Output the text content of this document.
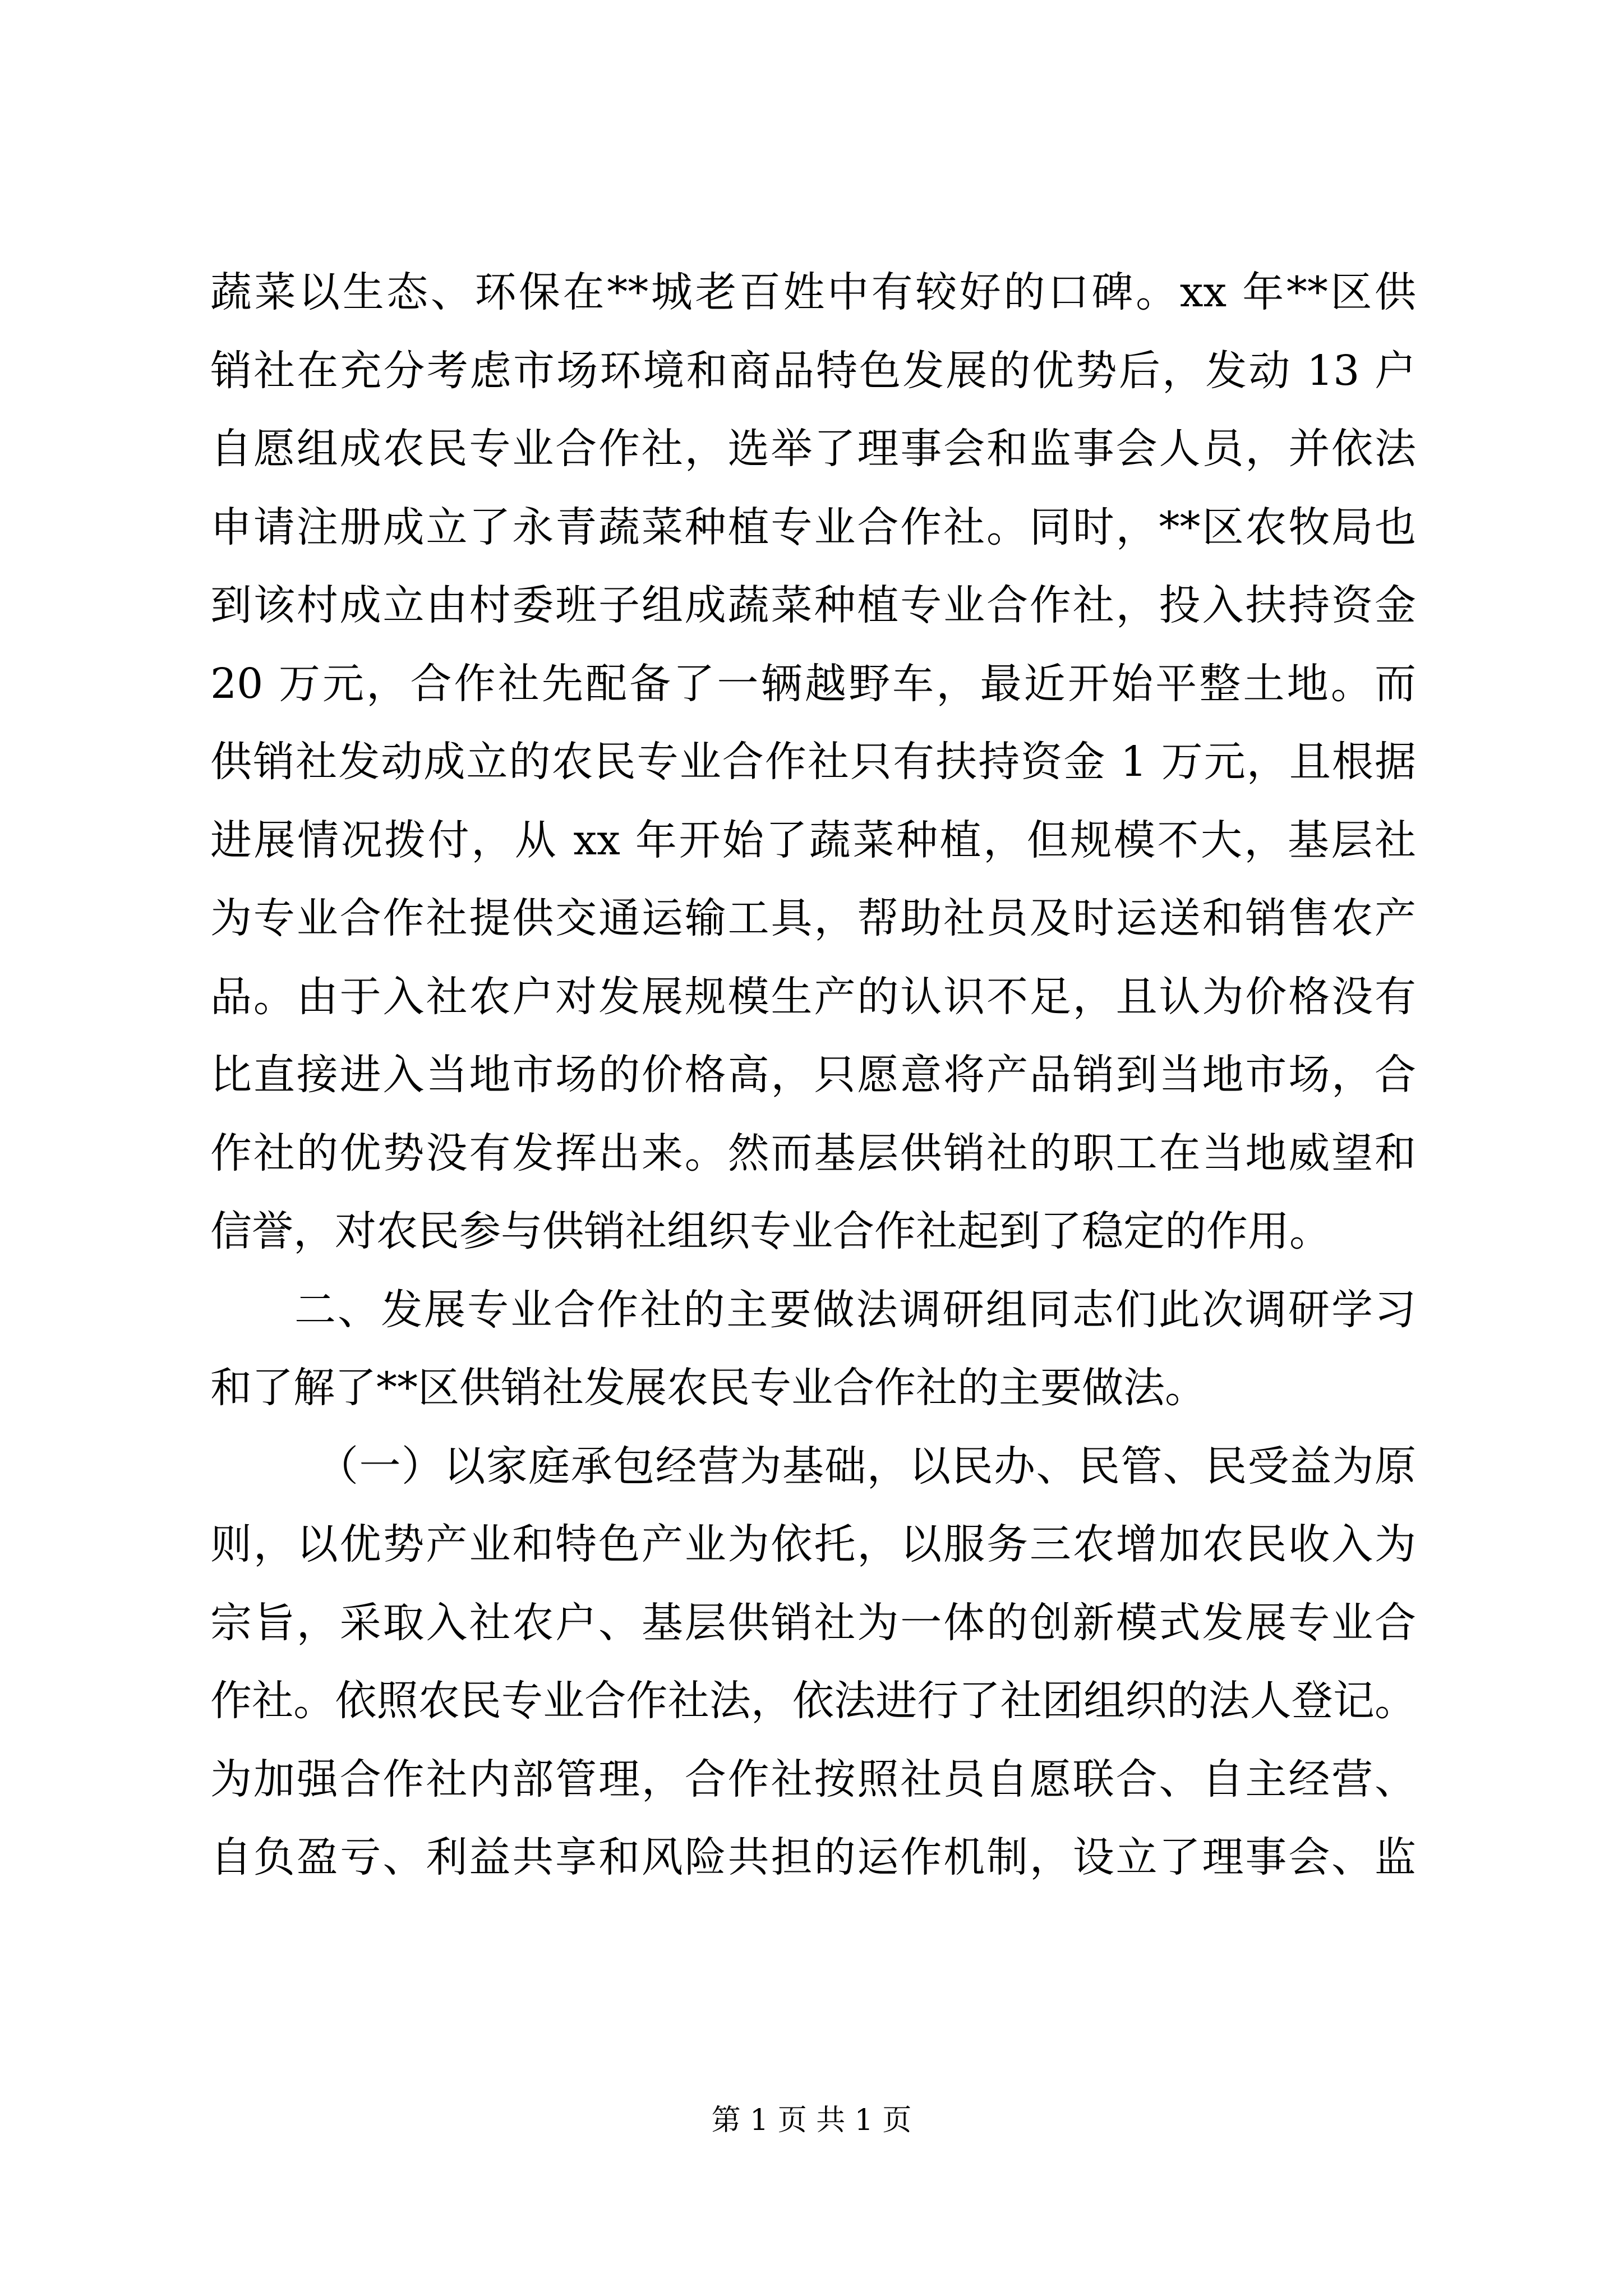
蔬菜以生态、环保在**城老百姓中有较好的口碑。xx 年**区供
销社在充分考虑市场环境和商品特色发展的优势后，发动 13 户
自愿组成农民专业合作社，选举了理事会和监事会人员，并依法
申请注册成立了永青蔬菜种植专业合作社。同时，**区农牧局也
到该村成立由村委班子组成蔬菜种植专业合作社，投入扶持资金
20 万元，合作社先配备了一辆越野车，最近开始平整土地。而
供销社发动成立的农民专业合作社只有扶持资金 1 万元，且根据
进展情况拨付，从 xx 年开始了蔬菜种植，但规模不大，基层社
为专业合作社提供交通运输工具，帮助社员及时运送和销售农产
品。由于入社农户对发展规模生产的认识不足，且认为价格没有
比直接进入当地市场的价格高，只愿意将产品销到当地市场，合
作社的优势没有发挥出来。然而基层供销社的职工在当地威望和
信誉，对农民参与供销社组织专业合作社起到了稳定的作用。
二、发展专业合作社的主要做法调研组同志们此次调研学习
和了解了**区供销社发展农民专业合作社的主要做法。
（一）以家庭承包经营为基础，以民办、民管、民受益为原
则，以优势产业和特色产业为依托，以服务三农增加农民收入为
宗旨，采取入社农户、基层供销社为一体的创新模式发展专业合
作社。依照农民专业合作社法，依法进行了社团组织的法人登记。
为加强合作社内部管理，合作社按照社员自愿联合、自主经营、
自负盈亏、利益共享和风险共担的运作机制，设立了理事会、监
第 1 页 共 1 页
